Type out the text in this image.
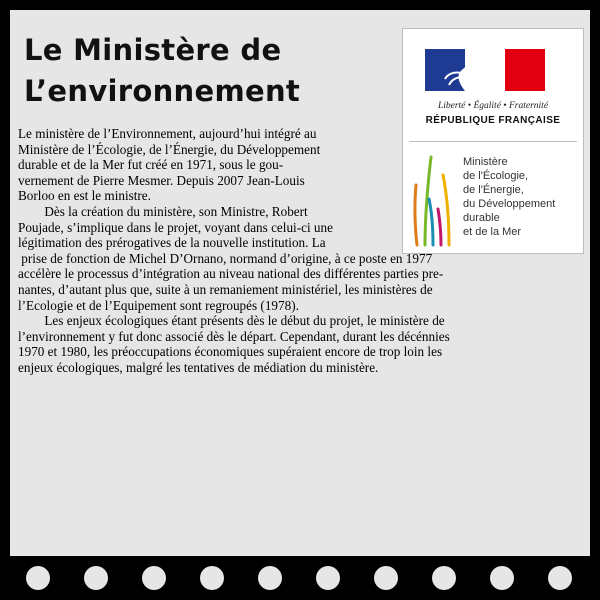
Le Ministère de
L’environnement	Liberté • Égalité • Fraternité
RÉPUBLIQUE FRANÇAISE
Ministère
de l'Écologie,
de l'Énergie,
du Développement
durable
et de la Mer
Le ministère de l’Environnement, aujourd’hui intégré au
Ministère de l’Écologie, de l’Énergie, du Développement
durable et de la Mer fut créé en 1971, sous le gou-
vernement de Pierre Mesmer. Depuis 2007 Jean-Louis
Borloo en est le ministre.
Dès la création du ministère, son Ministre, Robert
Poujade, s’implique dans le projet, voyant dans celui-ci une
légitimation des prérogatives de la nouvelle institution. La
prise de fonction de Michel D’Ornano, normand d’origine, à ce poste en 1977
accélère le processus d’intégration au niveau national des différentes parties pre-
nantes, d’autant plus que, suite à un remaniement ministériel, les ministères de
l’Ecologie et de l’Equipement sont regroupés (1978).
Les enjeux écologiques étant présents dès le début du projet, le ministère de
l’environnement y fut donc associé dès le départ. Cependant, durant les décénnies
1970 et 1980, les préoccupations économiques supéraient encore de trop loin les
enjeux écologiques, malgré les tentatives de médiation du ministère.
